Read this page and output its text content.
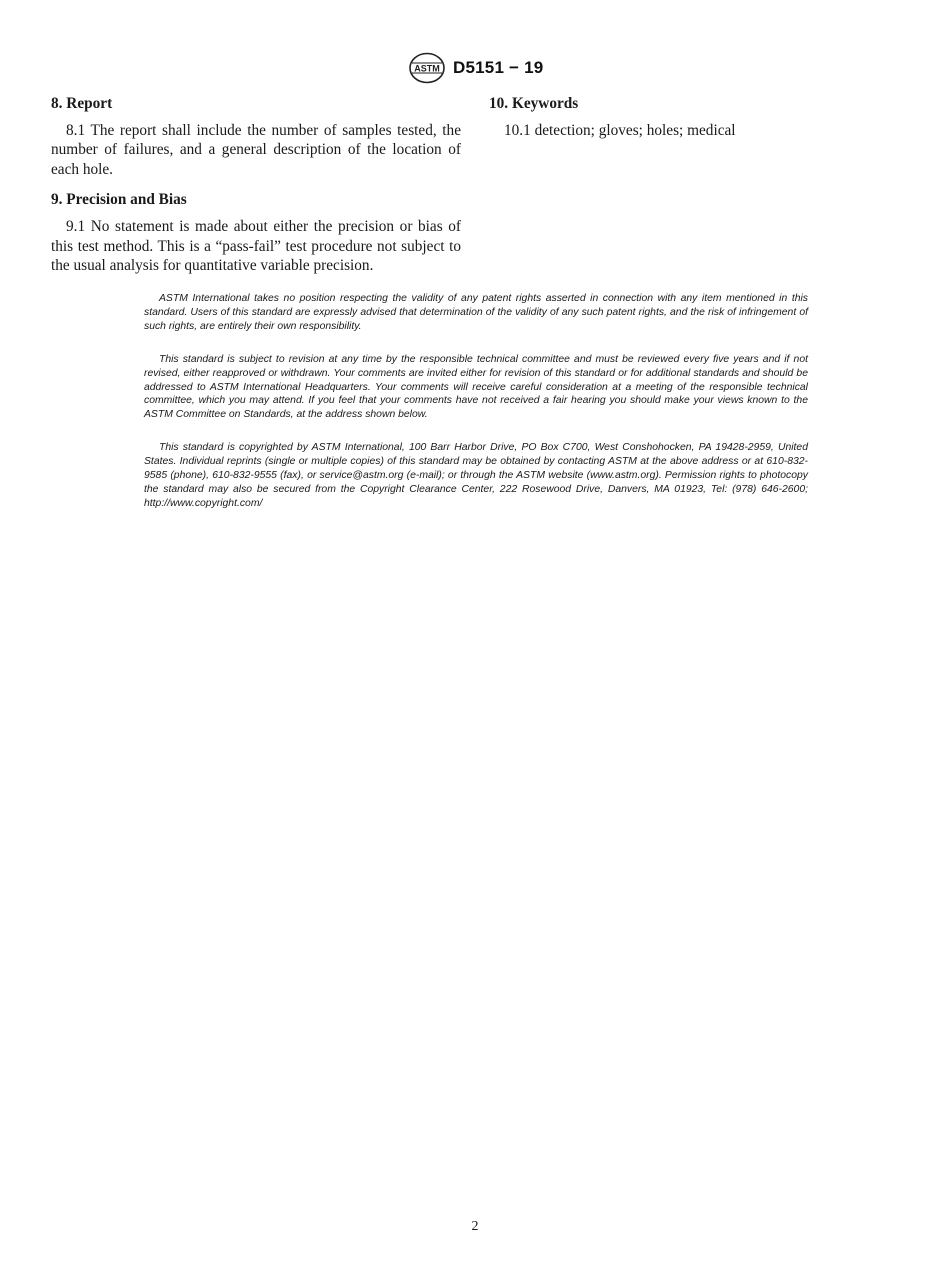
ASTM D5151 − 19
8. Report

8.1 The report shall include the number of samples tested, the number of failures, and a general description of the location of each hole.

9. Precision and Bias

9.1 No statement is made about either the precision or bias of this test method. This is a “pass-fail” test procedure not subject to the usual analysis for quantitative variable precision.

10. Keywords

10.1 detection; gloves; holes; medical

ASTM International takes no position respecting the validity of any patent rights asserted in connection with any item mentioned in this standard. Users of this standard are expressly advised that determination of the validity of any such patent rights, and the risk of infringement of such rights, are entirely their own responsibility.

This standard is subject to revision at any time by the responsible technical committee and must be reviewed every five years and if not revised, either reapproved or withdrawn. Your comments are invited either for revision of this standard or for additional standards and should be addressed to ASTM International Headquarters. Your comments will receive careful consideration at a meeting of the responsible technical committee, which you may attend. If you feel that your comments have not received a fair hearing you should make your views known to the ASTM Committee on Standards, at the address shown below.

This standard is copyrighted by ASTM International, 100 Barr Harbor Drive, PO Box C700, West Conshohocken, PA 19428-2959, United States. Individual reprints (single or multiple copies) of this standard may be obtained by contacting ASTM at the above address or at 610-832-9585 (phone), 610-832-9555 (fax), or service@astm.org (e-mail); or through the ASTM website (www.astm.org). Permission rights to photocopy the standard may also be secured from the Copyright Clearance Center, 222 Rosewood Drive, Danvers, MA 01923, Tel: (978) 646-2600; http://www.copyright.com/

2
